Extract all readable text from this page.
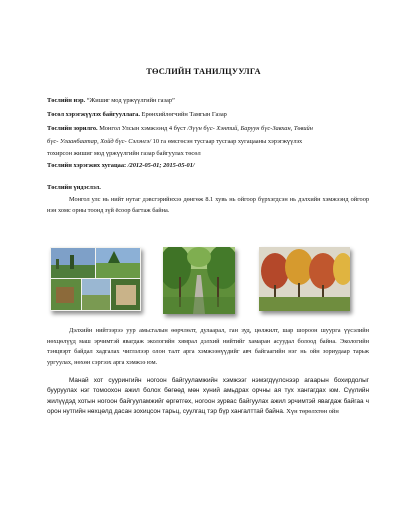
ТӨСЛИЙН ТАНИЛЦУУЛГА
Төслийн нэр. “Жишиг мод үржүүлгийн газар”
Төсөл хэрэгжүүлэх байгууллага. Ерөнхийлөгчийн Тамгын Газар
Төслийн зорилго. Монгол Улсын хэмжээнд 4 бүст /Зүүн бүс- Хэнтий, Баруун бүс-Завхан, Төвийн
бүс- Улаанбаатар, Хойд бүс- Сэлэнгэ/ 10 га өмсгөсэн тусгаар тусгаар хугацааны хэрэгжүүлэх
тохирсон жишиг мод үржүүлгийн газар байгуулах төсөл
Төслийн хэрэгжих хугацаа: /2012-05-01; 2015-05-01/
Төслийн үндэслэл.
Монгол улс нь нийт нутаг дэвсгэрийнхээ дөнгөж 8.1 хувь нь ойгоор бүрхэгдсэн нь дэлхийн хэмжээнд ойгоор нэн хомс орны тоонд зүй ёсоор багтаж байна.
Дэлхийн нийтээрээ уур амьсгалын өөрчлөлт, дулаарал, ган зуд, цөлжилт, шар шороон шуурга үүсэлийн нөхцөлүүд маш эрчимтэй явагдаж экологийн хямрал дэлхий нийтийг хамаран асуудал болоод байна. Экологийн тэнцвэрт байдал хадгалах чиглэлээр олон талт арга хэмжээнүүдийг авч байгаагийн нэг нь ойн зориудаар тарьж ургуулах, нөхөн сэргээх арга хэмжээ юм.
Манай хот суурингийн ногоон байгууламжийн хэмжээг нэмэгдүүлснээр агаарын бохирдолыг бууруулах нэг томоохон ажил болох бөгөөд мөн хүний амьдрах орчны ая тух хангагдах юм. Сүүлийн жилүүдэд хотын ногоон байгууламжийг өргөтгөх, ногоон зурвас байгуулах ажил эрчимтэй явагдаж байгаа ч орон нутгийн нөхцөлд дасан зохицсон тарьц, суулгац тэр бүр хангалттай байна. Хүн төрөлхтөн ойн
